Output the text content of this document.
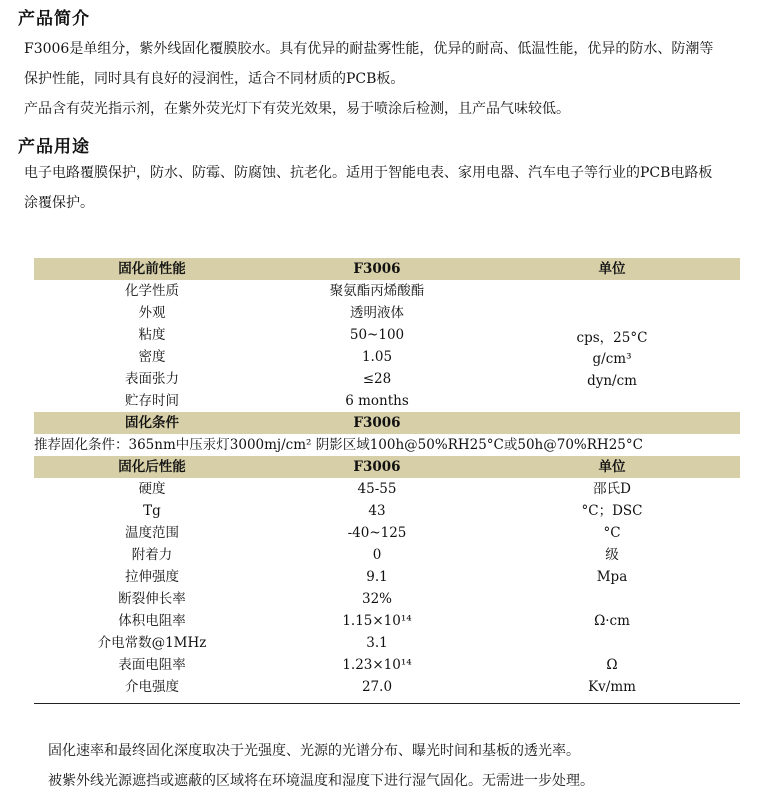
产品简介
F3006是单组分，紫外线固化覆膜胶水。具有优异的耐盐雾性能，优异的耐高、低温性能，优异的防水、防潮等
保护性能，同时具有良好的浸润性，适合不同材质的PCB板。
产品含有荧光指示剂，在紫外荧光灯下有荧光效果，易于喷涂后检测，且产品气味较低。
产品用途
电子电路覆膜保护，防水、防霉、防腐蚀、抗老化。适用于智能电表、家用电器、汽车电子等行业的PCB电路板
涂覆保护。
固化前性能	F3006	单位
化学性质	聚氨酯丙烯酸酯
外观	透明液体
粘度	50~100	cps，25°C
密度	1.05	g/cm³
表面张力	≤28	dyn/cm
贮存时间	6 months
固化条件	F3006
推荐固化条件：365nm中压汞灯3000mj/cm² 阴影区域100h@50%RH25°C或50h@70%RH25°C
固化后性能	F3006	单位
硬度	45-55	邵氏D
Tg	43	°C；DSC
温度范围	-40~125	°C
附着力	0	级
拉伸强度	9.1	Mpa
断裂伸长率	32%
体积电阻率	1.15×10¹⁴	Ω·cm
介电常数@1MHz	3.1
表面电阻率	1.23×10¹⁴	Ω
介电强度	27.0	Kv/mm
固化速率和最终固化深度取决于光强度、光源的光谱分布、曝光时间和基板的透光率。
被紫外线光源遮挡或遮蔽的区域将在环境温度和湿度下进行湿气固化。无需进一步处理。
